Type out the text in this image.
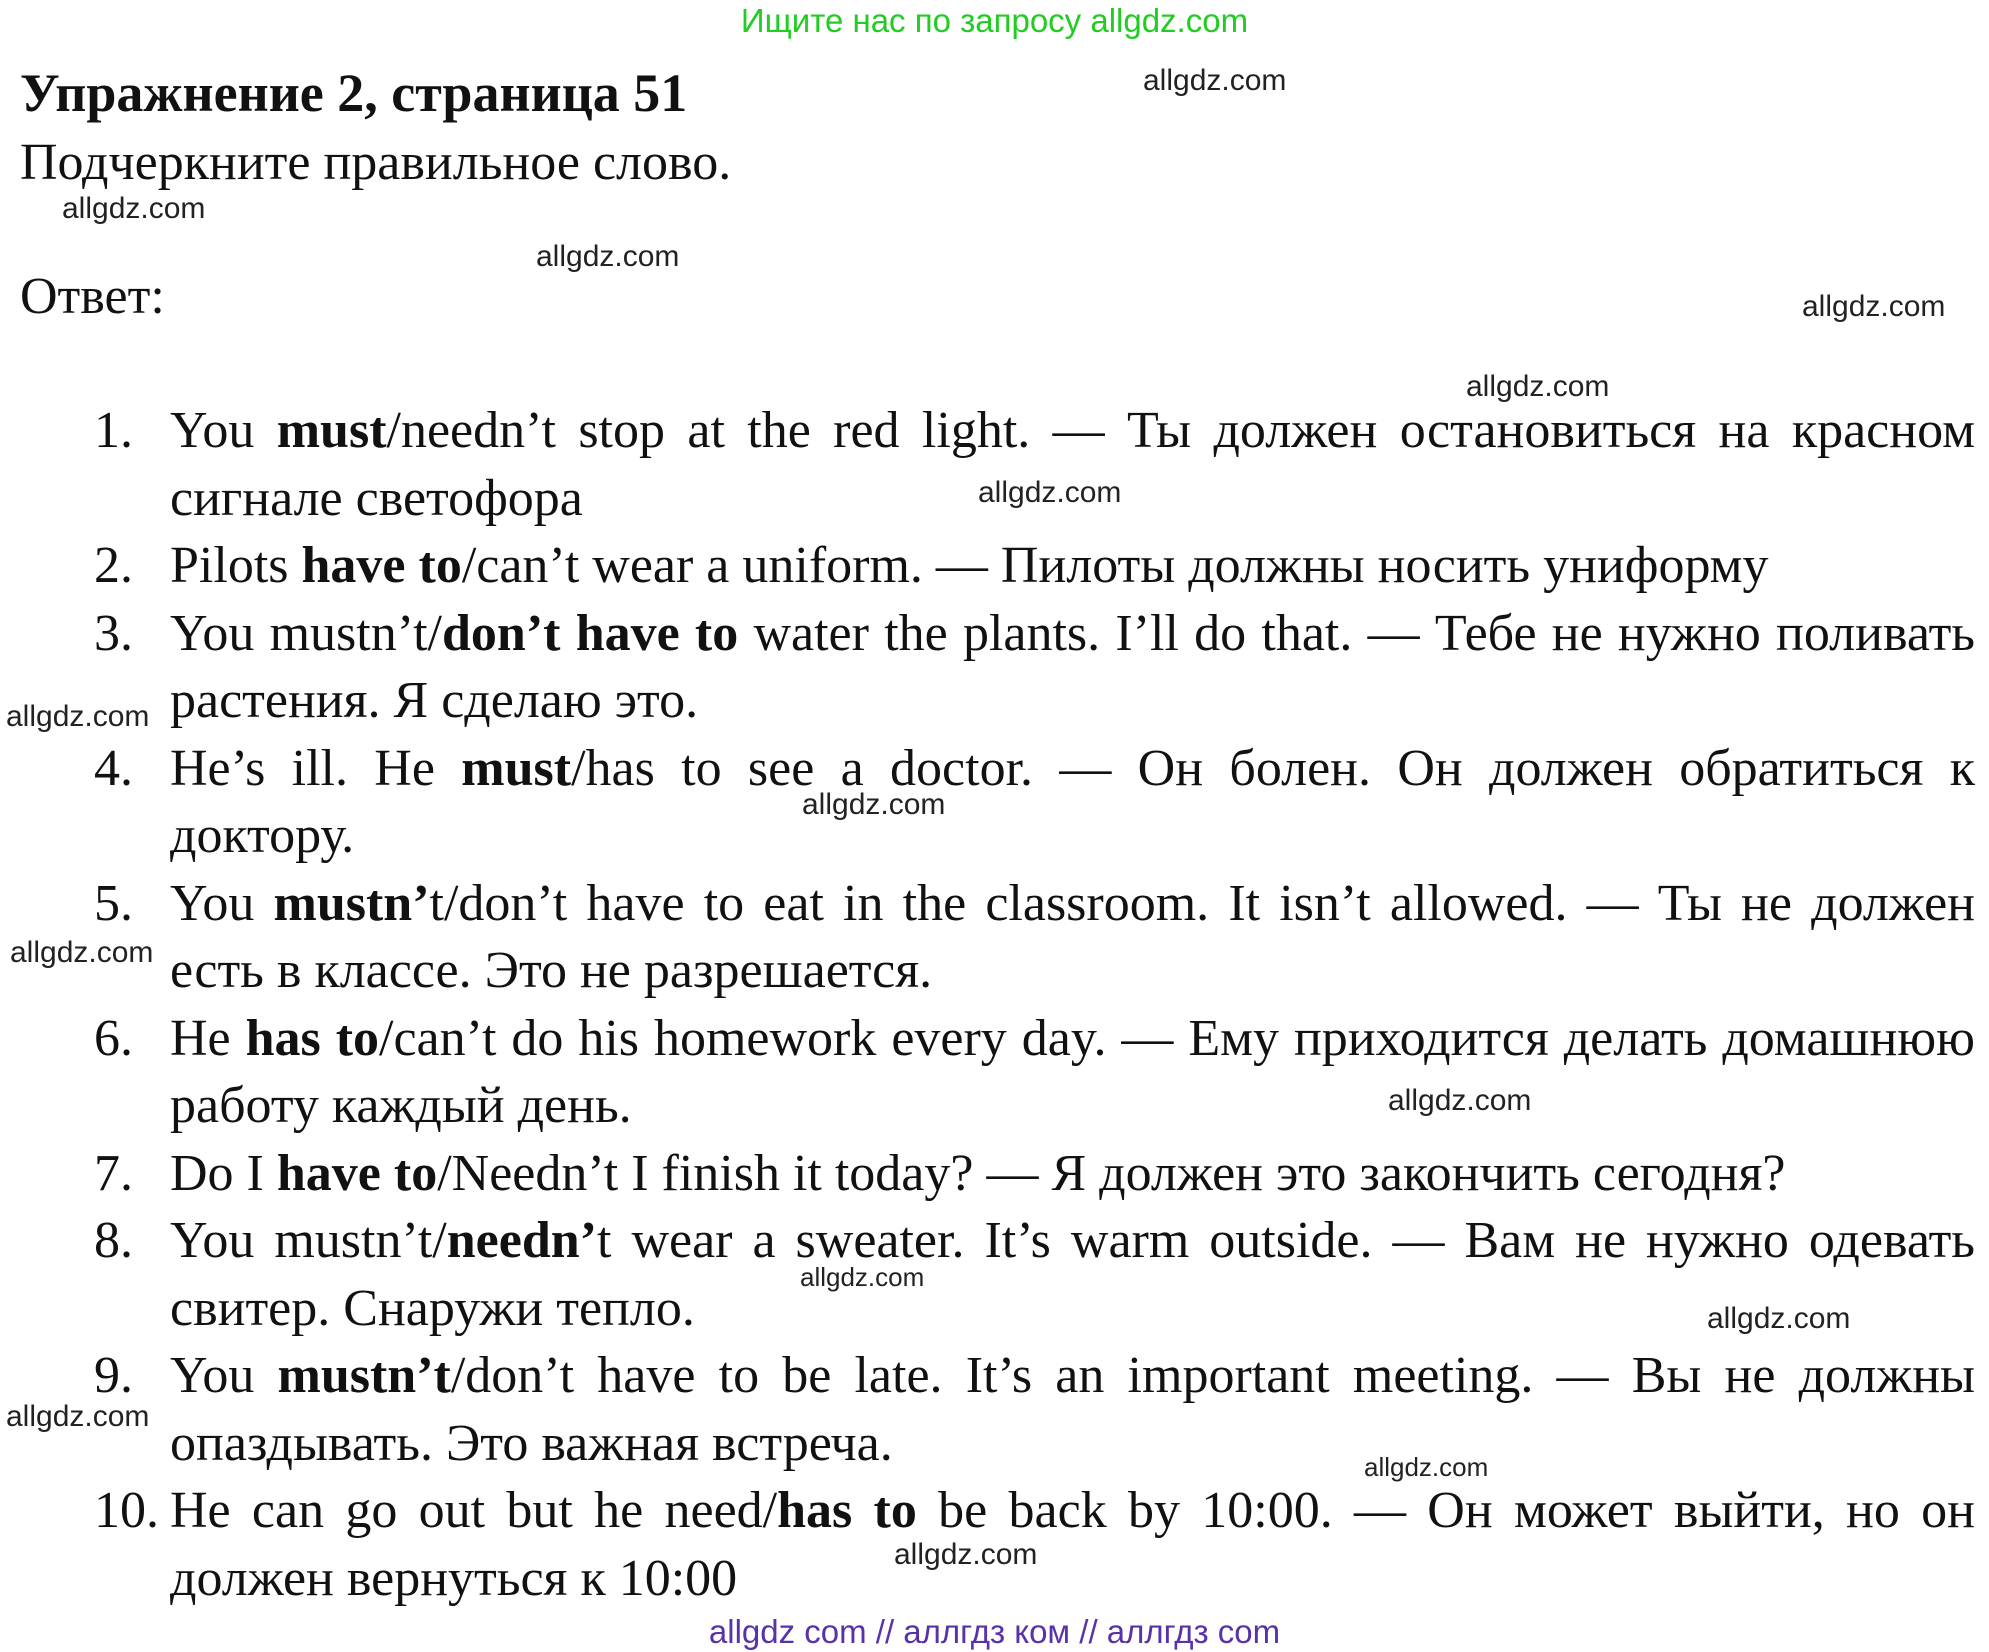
Ищите нас по запросу allgdz.com
Упражнение 2, страница 51
Подчеркните правильное слово.
Ответ:
1. You must/needn’t stop at the red light. — Ты должен остановиться на красном сигнале светофора
2. Pilots have to/can’t wear a uniform. — Пилоты должны носить униформу
3. You mustn’t/don’t have to water the plants. I’ll do that. — Тебе не нужно поливать растения. Я сделаю это.
4. He’s ill. He must/has to see a doctor. — Он болен. Он должен обратиться к доктору.
5. You mustn’t/don’t have to eat in the classroom. It isn’t allowed. — Ты не должен есть в классе. Это не разрешается.
6. He has to/can’t do his homework every day. — Ему приходится делать домашнюю работу каждый день.
7. Do I have to/Needn’t I finish it today? — Я должен это закончить сегодня?
8. You mustn’t/needn’t wear a sweater. It’s warm outside. — Вам не нужно одевать свитер. Снаружи тепло.
9. You mustn’t/don’t have to be late. It’s an important meeting. — Вы не должны опаздывать. Это важная встреча.
10. He can go out but he need/has to be back by 10:00. — Он может выйти, но он должен вернуться к 10:00
allgdz.com
allgdz.com
allgdz.com
allgdz.com
allgdz.com
allgdz.com
allgdz.com
allgdz.com
allgdz.com
allgdz.com
allgdz.com
allgdz.com
allgdz.com
allgdz.com
allgdz.com
allgdz com // аллгдз ком // аллгдз com
